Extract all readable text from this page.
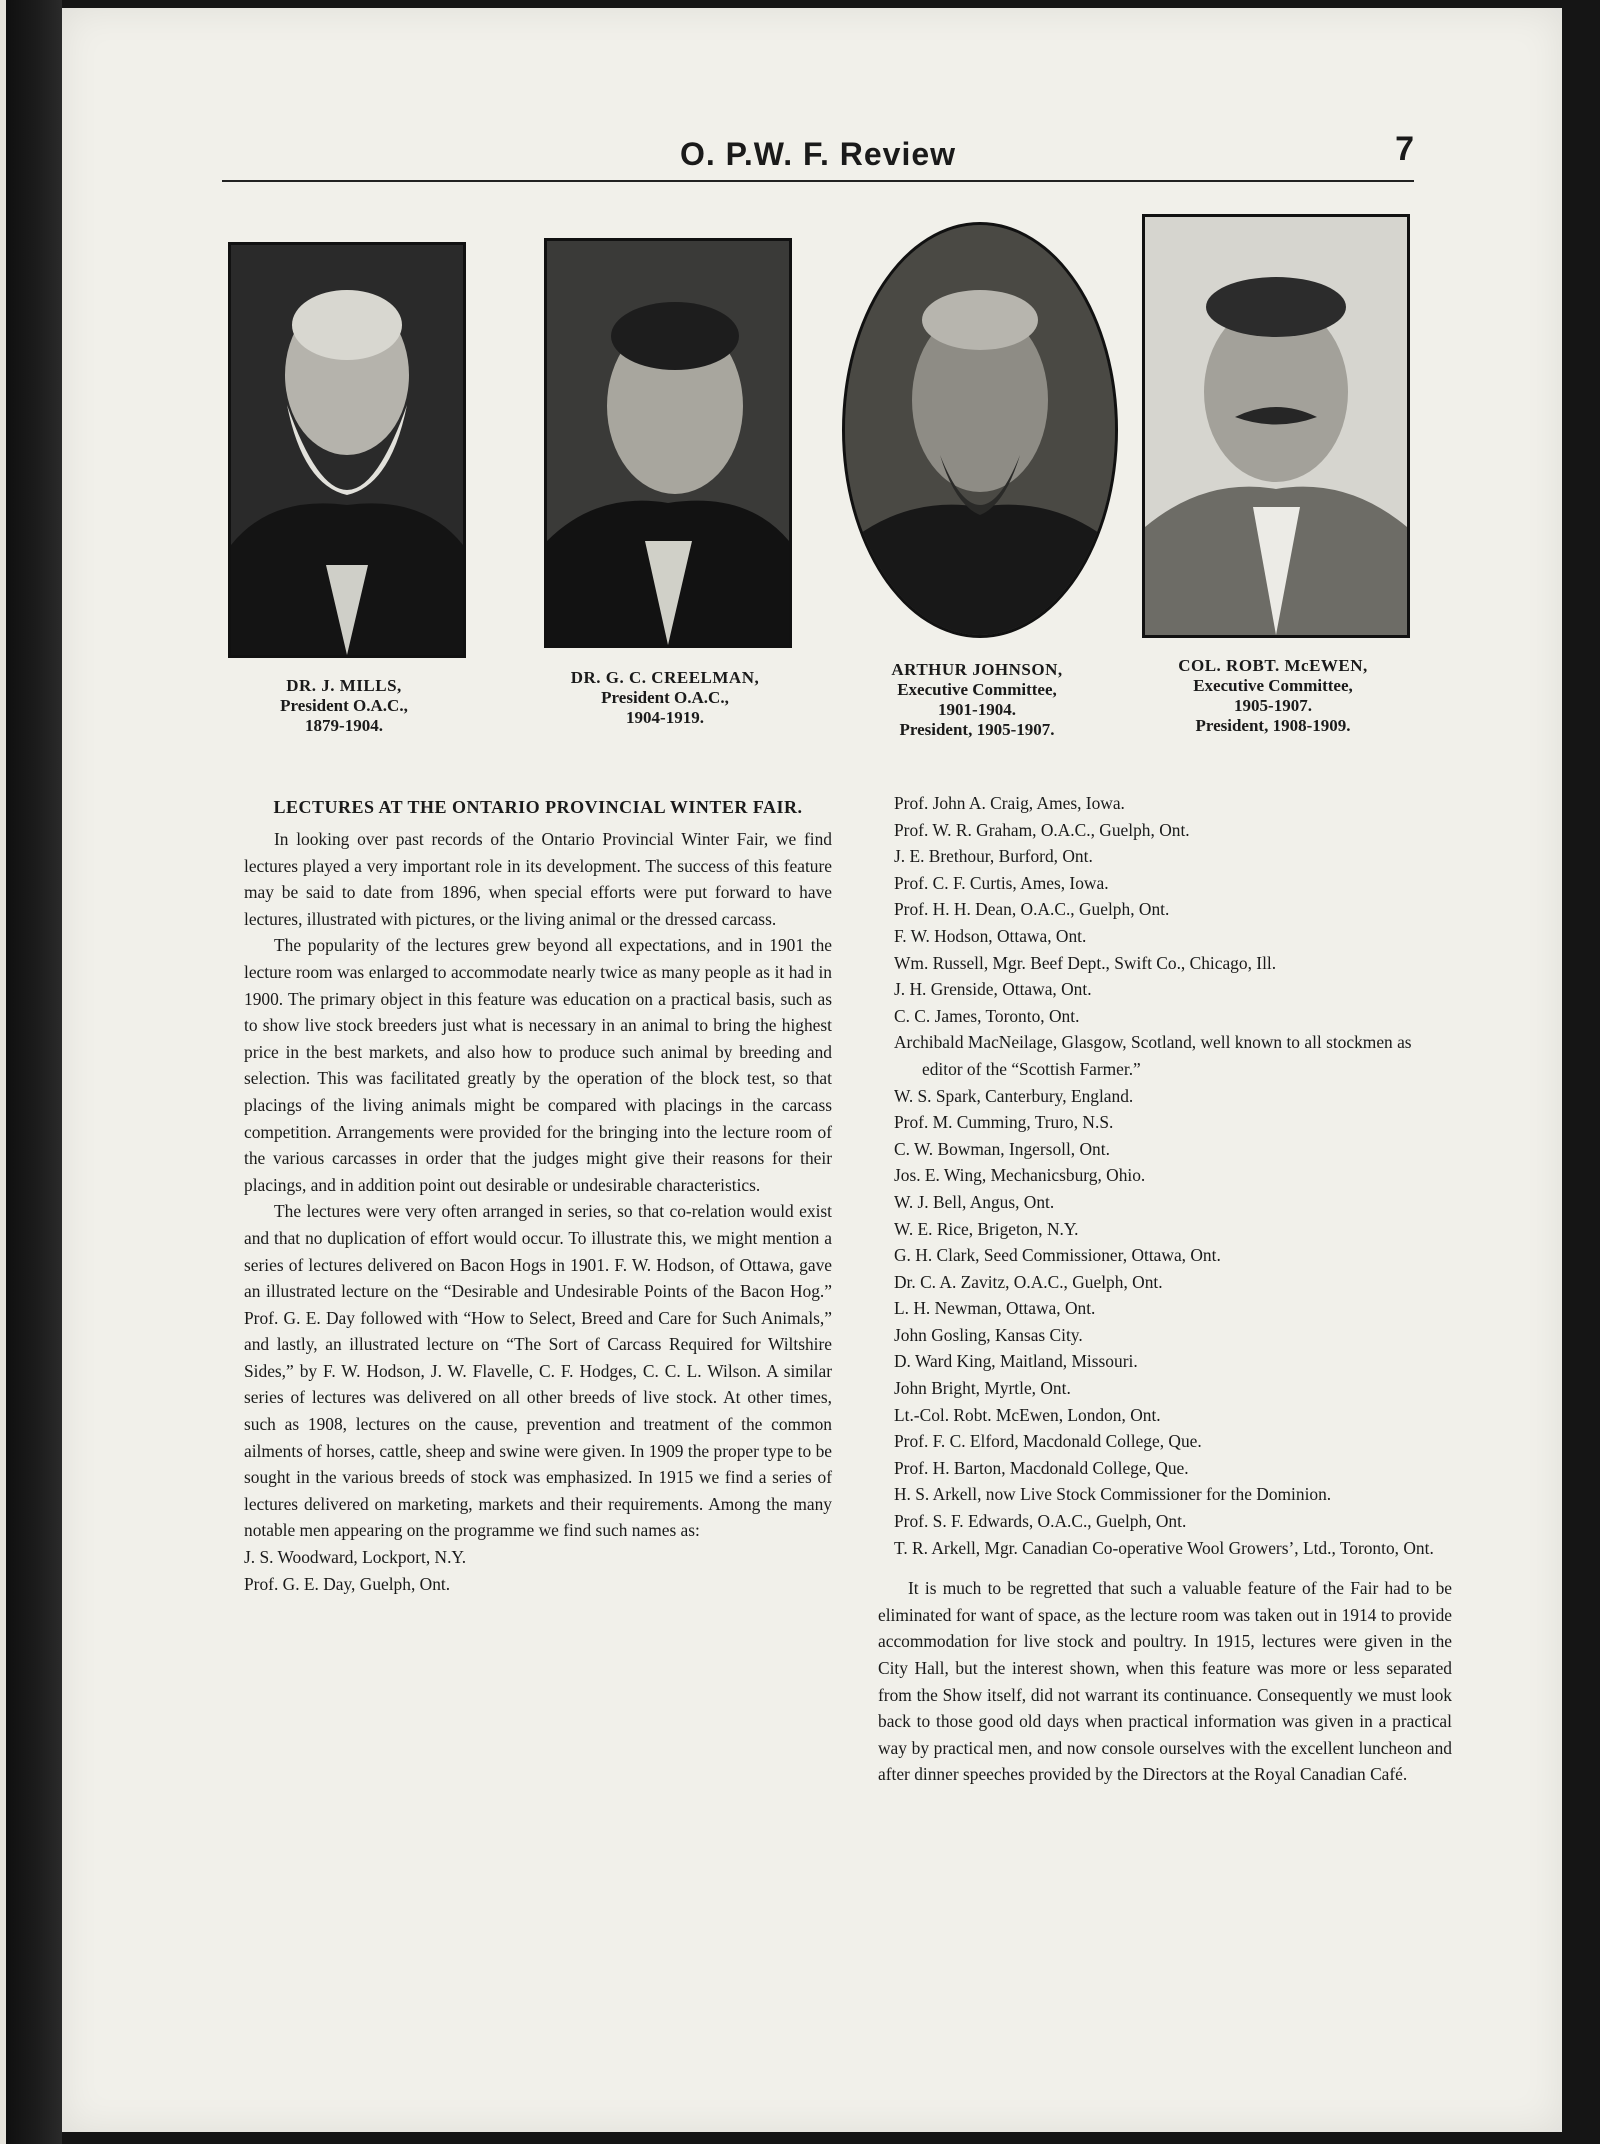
O. P.W. F. Review	7
DR. J. MILLS,
President O.A.C.,
1879-1904.
DR. G. C. CREELMAN,
President O.A.C.,
1904-1919.
ARTHUR JOHNSON,
Executive Committee,
1901-1904.
President, 1905-1907.
COL. ROBT. McEWEN,
Executive Committee,
1905-1907.
President, 1908-1909.
LECTURES AT THE ONTARIO PROVINCIAL WINTER FAIR.

In looking over past records of the Ontario Provincial Winter Fair, we find lectures played a very important role in its development. The success of this feature may be said to date from 1896, when special efforts were put forward to have lectures, illustrated with pictures, or the living animal or the dressed carcass.

The popularity of the lectures grew beyond all expectations, and in 1901 the lecture room was enlarged to accommodate nearly twice as many people as it had in 1900. The primary object in this feature was education on a practical basis, such as to show live stock breeders just what is necessary in an animal to bring the highest price in the best markets, and also how to produce such animal by breeding and selection. This was facilitated greatly by the operation of the block test, so that placings of the living animals might be compared with placings in the carcass competition. Arrangements were provided for the bringing into the lecture room of the various carcasses in order that the judges might give their reasons for their placings, and in addition point out desirable or undesirable characteristics.

The lectures were very often arranged in series, so that co-relation would exist and that no duplication of effort would occur. To illustrate this, we might mention a series of lectures delivered on Bacon Hogs in 1901. F. W. Hodson, of Ottawa, gave an illustrated lecture on the “Desirable and Undesirable Points of the Bacon Hog.” Prof. G. E. Day followed with “How to Select, Breed and Care for Such Animals,” and lastly, an illustrated lecture on “The Sort of Carcass Required for Wiltshire Sides,” by F. W. Hodson, J. W. Flavelle, C. F. Hodges, C. C. L. Wilson. A similar series of lectures was delivered on all other breeds of live stock. At other times, such as 1908, lectures on the cause, prevention and treatment of the common ailments of horses, cattle, sheep and swine were given. In 1909 the proper type to be sought in the various breeds of stock was emphasized. In 1915 we find a series of lectures delivered on marketing, markets and their requirements. Among the many notable men appearing on the programme we find such names as:

J. S. Woodward, Lockport, N.Y.
Prof. G. E. Day, Guelph, Ont.
Prof. John A. Craig, Ames, Iowa.
Prof. W. R. Graham, O.A.C., Guelph, Ont.
J. E. Brethour, Burford, Ont.
Prof. C. F. Curtis, Ames, Iowa.
Prof. H. H. Dean, O.A.C., Guelph, Ont.
F. W. Hodson, Ottawa, Ont.
Wm. Russell, Mgr. Beef Dept., Swift Co., Chicago, Ill.
J. H. Grenside, Ottawa, Ont.
C. C. James, Toronto, Ont.
Archibald MacNeilage, Glasgow, Scotland, well known to all stockmen as editor of the “Scottish Farmer.”
W. S. Spark, Canterbury, England.
Prof. M. Cumming, Truro, N.S.
C. W. Bowman, Ingersoll, Ont.
Jos. E. Wing, Mechanicsburg, Ohio.
W. J. Bell, Angus, Ont.
W. E. Rice, Brigeton, N.Y.
G. H. Clark, Seed Commissioner, Ottawa, Ont.
Dr. C. A. Zavitz, O.A.C., Guelph, Ont.
L. H. Newman, Ottawa, Ont.
John Gosling, Kansas City.
D. Ward King, Maitland, Missouri.
John Bright, Myrtle, Ont.
Lt.-Col. Robt. McEwen, London, Ont.
Prof. F. C. Elford, Macdonald College, Que.
Prof. H. Barton, Macdonald College, Que.
H. S. Arkell, now Live Stock Commissioner for the Dominion.
Prof. S. F. Edwards, O.A.C., Guelph, Ont.
T. R. Arkell, Mgr. Canadian Co-operative Wool Growers’, Ltd., Toronto, Ont.

It is much to be regretted that such a valuable feature of the Fair had to be eliminated for want of space, as the lecture room was taken out in 1914 to provide accommodation for live stock and poultry. In 1915, lectures were given in the City Hall, but the interest shown, when this feature was more or less separated from the Show itself, did not warrant its continuance. Consequently we must look back to those good old days when practical information was given in a practical way by practical men, and now console ourselves with the excellent luncheon and after dinner speeches provided by the Directors at the Royal Canadian Café.
